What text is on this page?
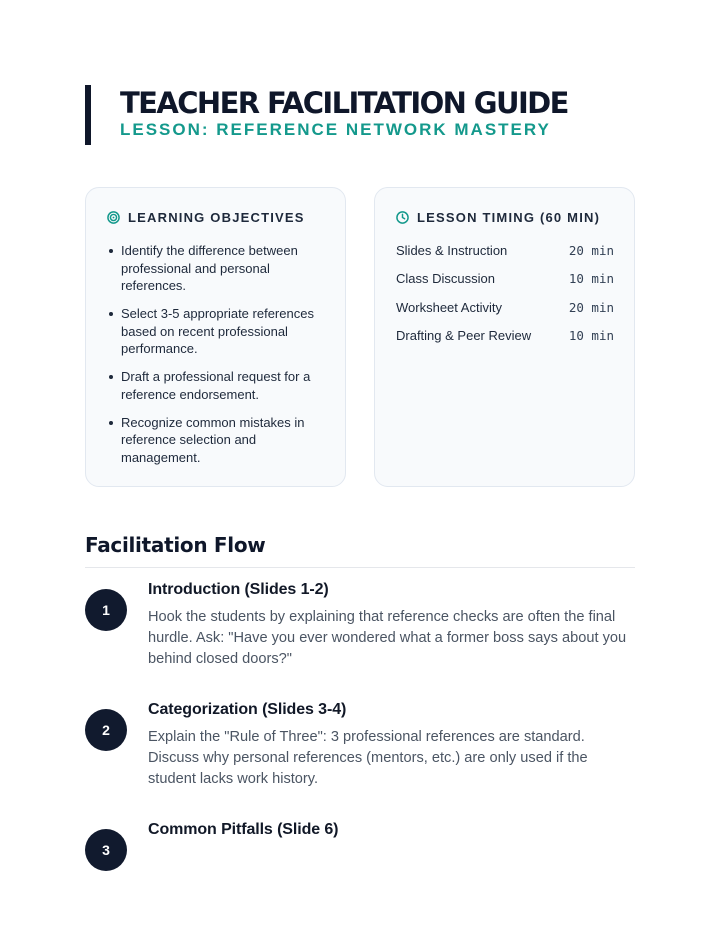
TEACHER FACILITATION GUIDE
LESSON: REFERENCE NETWORK MASTERY
LEARNING OBJECTIVES
Identify the difference between professional and personal references.
Select 3-5 appropriate references based on recent professional performance.
Draft a professional request for a reference endorsement.
Recognize common mistakes in reference selection and management.
LESSON TIMING (60 MIN)
Slides & Instruction	20 min
Class Discussion	10 min
Worksheet Activity	20 min
Drafting & Peer Review	10 min
Facilitation Flow
1
Introduction (Slides 1-2)

Hook the students by explaining that reference checks are often the final hurdle. Ask: "Have you ever wondered what a former boss says about you behind closed doors?"

2
Categorization (Slides 3-4)

Explain the "Rule of Three": 3 professional references are standard. Discuss why personal references (mentors, etc.) are only used if the student lacks work history.

3
Common Pitfalls (Slide 6)
